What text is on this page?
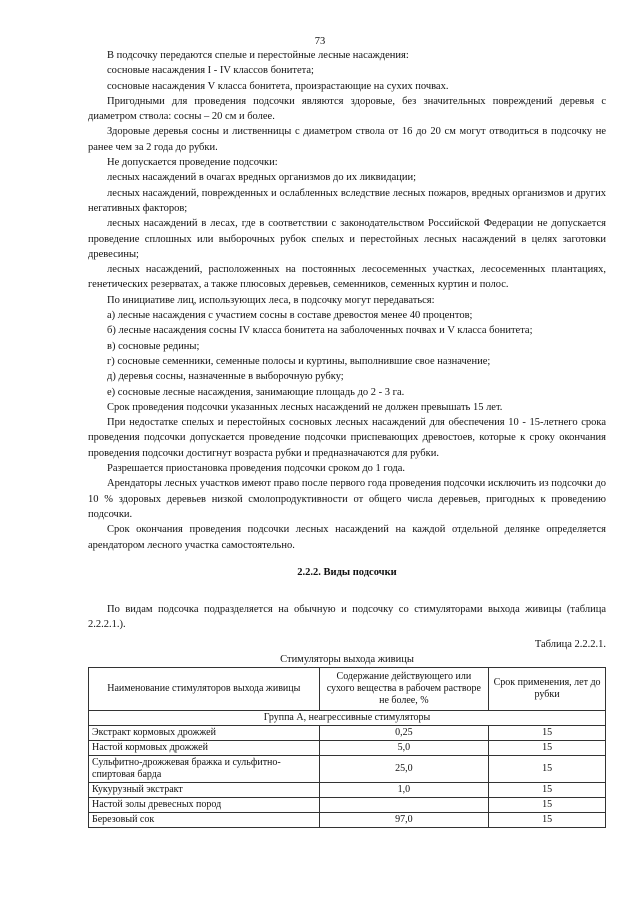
73

В подсочку передаются спелые и перестойные лесные насаждения:

сосновые насаждения I - IV классов бонитета;

сосновые насаждения V класса бонитета, произрастающие на сухих почвах.

Пригодными для проведения подсочки являются здоровые, без значительных повреждений деревья с диаметром ствола: сосны – 20 см и более.

Здоровые деревья сосны и лиственницы с диаметром ствола от 16 до 20 см могут отводиться в подсочку не ранее чем за 2 года до рубки.

Не допускается проведение подсочки:

лесных насаждений в очагах вредных организмов до их ликвидации;

лесных насаждений, поврежденных и ослабленных вследствие лесных пожаров, вредных организмов и других негативных факторов;

лесных насаждений в лесах, где в соответствии с законодательством Российской Федерации не допускается проведение сплошных или выборочных рубок спелых и перестойных лесных насаждений в целях заготовки древесины;

лесных насаждений, расположенных на постоянных лесосеменных участках, лесосеменных плантациях, генетических резерватах, а также плюсовых деревьев, семенников, семенных куртин и полос.

По инициативе лиц, использующих леса, в подсочку могут передаваться:

а) лесные насаждения с участием сосны в составе древостоя менее 40 процентов;

б) лесные насаждения сосны IV класса бонитета на заболоченных почвах и V класса бонитета;

в) сосновые редины;

г) сосновые семенники, семенные полосы и куртины, выполнившие свое назначение;

д) деревья сосны, назначенные в выборочную рубку;

е) сосновые лесные насаждения, занимающие площадь до 2 - 3 га.

Срок проведения подсочки указанных лесных насаждений не должен превышать 15 лет.

При недостатке спелых и перестойных сосновых лесных насаждений для обеспечения 10 - 15-летнего срока проведения подсочки допускается проведение подсочки приспевающих древостоев, которые к сроку окончания проведения подсочки достигнут возраста рубки и предназначаются для рубки.

Разрешается приостановка проведения подсочки сроком до 1 года.

Арендаторы лесных участков имеют право после первого года проведения подсочки исключить из подсочки до 10 % здоровых деревьев низкой смолопродуктивности от общего числа деревьев, пригодных к проведению подсочки.

Срок окончания проведения подсочки лесных насаждений на каждой отдельной делянке определяется арендатором лесного участка самостоятельно.

2.2.2. Виды подсочки

По видам подсочка подразделяется на обычную и подсочку со стимуляторами выхода живицы (таблица 2.2.2.1.).

Таблица 2.2.2.1.

Стимуляторы выхода живицы

Наименование стимуляторов выхода живицы	Содержание действующего или сухого вещества в рабочем растворе не более, %	Срок применения, лет до рубки
Группа А, неагрессивные стимуляторы		
Экстракт кормовых дрожжей	0,25	15
Настой кормовых дрожжей	5,0	15
Сульфитно-дрожжевая бражка и сульфитно-спиртовая барда	25,0	15
Кукурузный экстракт	1,0	15
Настой золы древесных пород		15
Березовый сок	97,0	15
